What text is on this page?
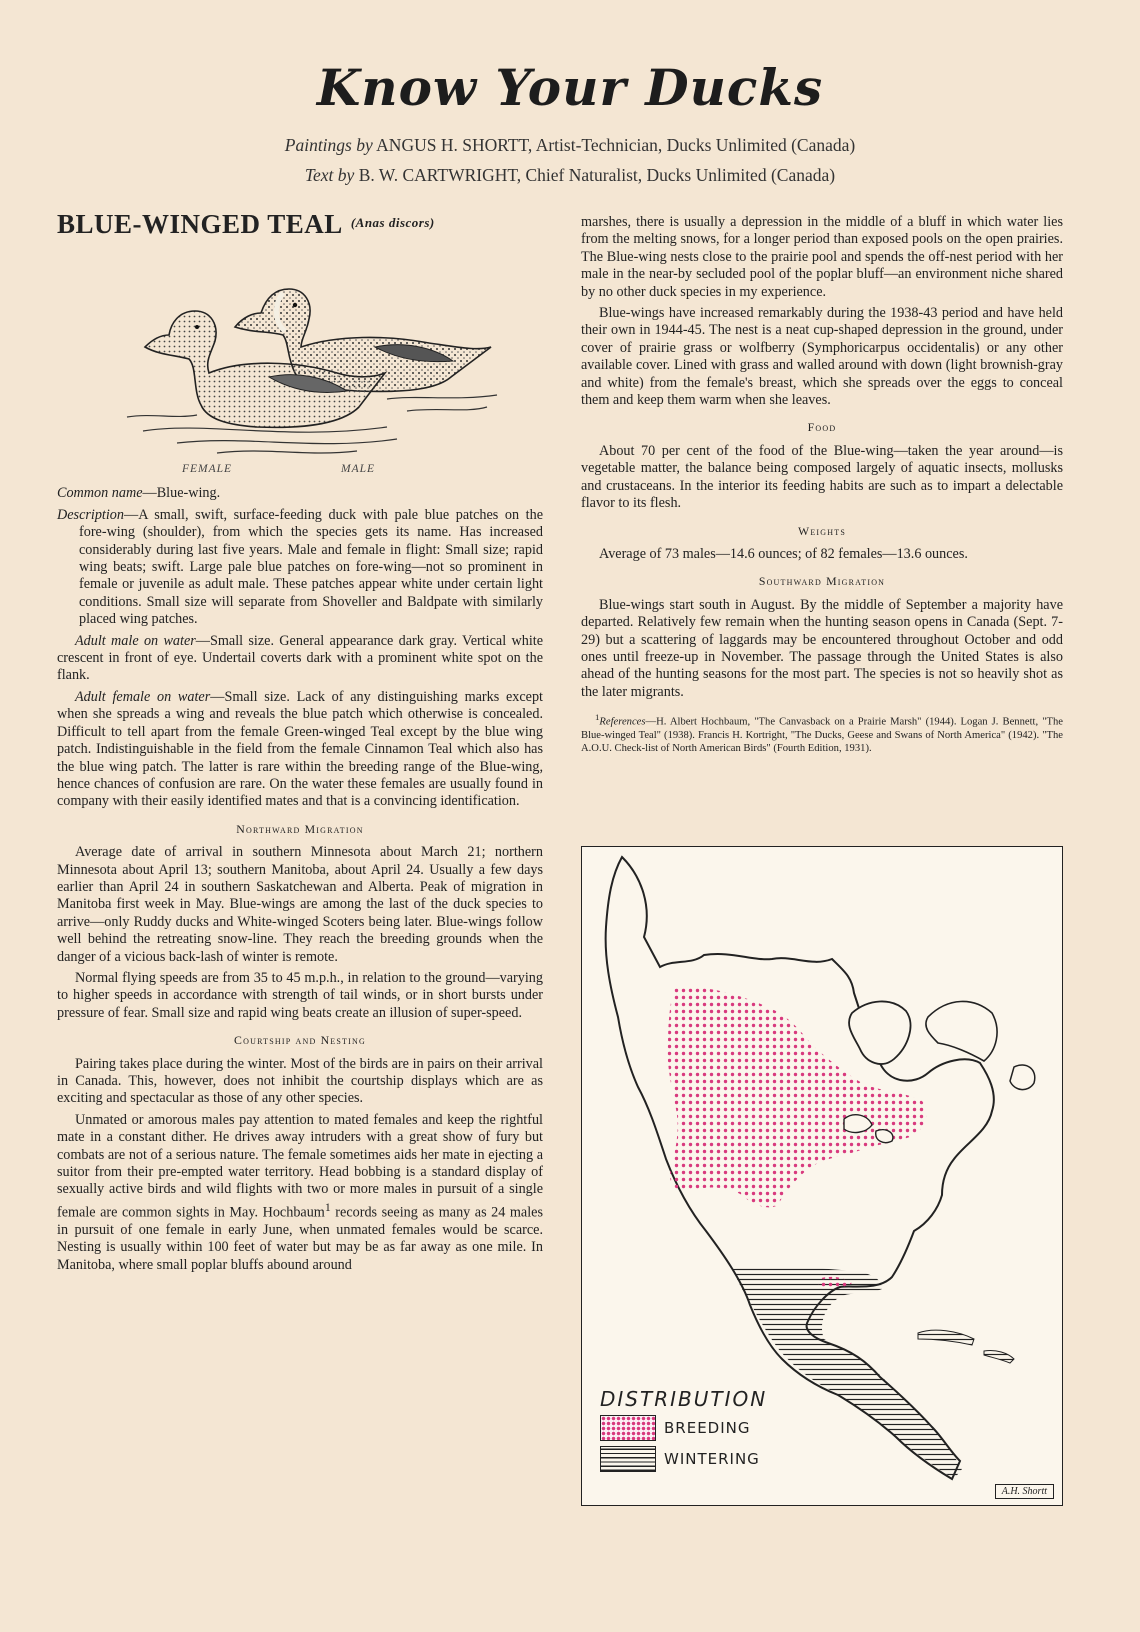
Know Your Ducks

Paintings by ANGUS H. SHORTT, Artist-Technician, Ducks Unlimited (Canada)

Text by B. W. CARTWRIGHT, Chief Naturalist, Ducks Unlimited (Canada)

BLUE-WINGED TEAL $^{(Anas discors)}$
FEMALE	MALE

Common name—Blue-wing.

Description—A small, swift, surface-feeding duck with pale blue patches on the fore-wing (shoulder), from which the species gets its name. Has increased considerably during last five years. Male and female in flight: Small size; rapid wing beats; swift. Large pale blue patches on fore-wing—not so prominent in female or juvenile as adult male. These patches appear white under certain light conditions. Small size will separate from Shoveller and Baldpate with similarly placed wing patches.

Adult male on water—Small size. General appearance dark gray. Vertical white crescent in front of eye. Undertail coverts dark with a prominent white spot on the flank.

Adult female on water—Small size. Lack of any distinguishing marks except when she spreads a wing and reveals the blue patch which otherwise is concealed. Difficult to tell apart from the female Green-winged Teal except by the blue wing patch. Indistinguishable in the field from the female Cinnamon Teal which also has the blue wing patch. The latter is rare within the breeding range of the Blue-wing, hence chances of confusion are rare. On the water these females are usually found in company with their easily identified mates and that is a convincing identification.

Northward Migration

Average date of arrival in southern Minnesota about March 21; northern Minnesota about April 13; southern Manitoba, about April 24. Usually a few days earlier than April 24 in southern Saskatchewan and Alberta. Peak of migration in Manitoba first week in May. Blue-wings are among the last of the duck species to arrive—only Ruddy ducks and White-winged Scoters being later. Blue-wings follow well behind the retreating snow-line. They reach the breeding grounds when the danger of a vicious back-lash of winter is remote.

Normal flying speeds are from 35 to 45 m.p.h., in relation to the ground—varying to higher speeds in accordance with strength of tail winds, or in short bursts under pressure of fear. Small size and rapid wing beats create an illusion of super-speed.

Courtship and Nesting

Pairing takes place during the winter. Most of the birds are in pairs on their arrival in Canada. This, however, does not inhibit the courtship displays which are as exciting and spectacular as those of any other species.

Unmated or amorous males pay attention to mated females and keep the rightful mate in a constant dither. He drives away intruders with a great show of fury but combats are not of a serious nature. The female sometimes aids her mate in ejecting a suitor from their pre-empted water territory. Head bobbing is a standard display of sexually active birds and wild flights with two or more males in pursuit of a single female are common sights in May. Hochbaum$^1$ records seeing as many as 24 males in pursuit of one female in early June, when unmated females would be scarce. Nesting is usually within 100 feet of water but may be as far away as one mile. In Manitoba, where small poplar bluffs abound around

marshes, there is usually a depression in the middle of a bluff in which water lies from the melting snows, for a longer period than exposed pools on the open prairies. The Blue-wing nests close to the prairie pool and spends the off-nest period with her male in the near-by secluded pool of the poplar bluff—an environment niche shared by no other duck species in my experience.

Blue-wings have increased remarkably during the 1938-43 period and have held their own in 1944-45. The nest is a neat cup-shaped depression in the ground, under cover of prairie grass or wolfberry (Symphoricarpus occidentalis) or any other available cover. Lined with grass and walled around with down (light brownish-gray and white) from the female's breast, which she spreads over the eggs to conceal them and keep them warm when she leaves.

Food

About 70 per cent of the food of the Blue-wing—taken the year around—is vegetable matter, the balance being composed largely of aquatic insects, mollusks and crustaceans. In the interior its feeding habits are such as to impart a delectable flavor to its flesh.

Weights

Average of 73 males—14.6 ounces; of 82 females—13.6 ounces.

Southward Migration

Blue-wings start south in August. By the middle of September a majority have departed. Relatively few remain when the hunting season opens in Canada (Sept. 7-29) but a scattering of laggards may be encountered throughout October and odd ones until freeze-up in November. The passage through the United States is also ahead of the hunting seasons for the most part. The species is not so heavily shot as the later migrants.

$^1$References—H. Albert Hochbaum, "The Canvasback on a Prairie Marsh" (1944). Logan J. Bennett, "The Blue-winged Teal" (1938). Francis H. Kortright, "The Ducks, Geese and Swans of North America" (1942). "The A.O.U. Check-list of North American Birds" (Fourth Edition, 1931).

DISTRIBUTION
BREEDING
WINTERING
A.H. Shortt
